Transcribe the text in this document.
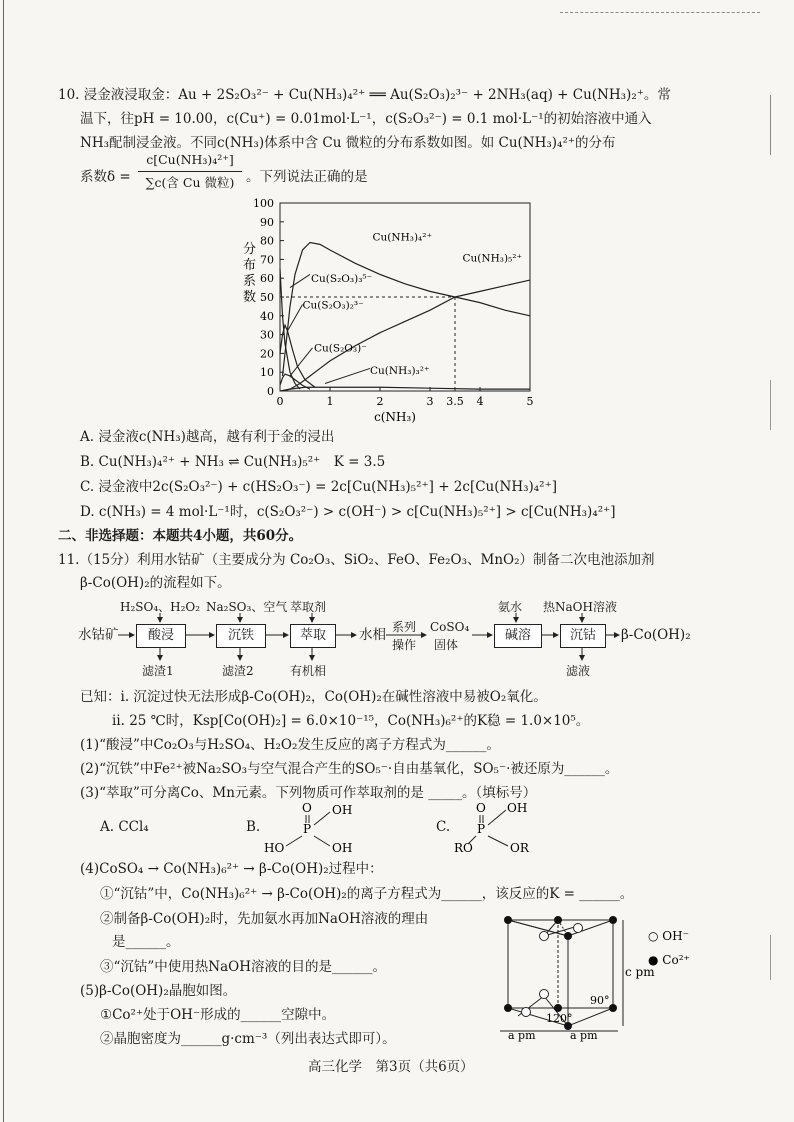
10. 浸金液浸取金：Au + 2S₂O₃²⁻ + Cu(NH₃)₄²⁺ ══ Au(S₂O₃)₂³⁻ + 2NH₃(aq) + Cu(NH₃)₂⁺。常
温下，往pH = 10.00，c(Cu⁺) = 0.01mol·L⁻¹，c(S₂O₃²⁻) = 0.1 mol·L⁻¹的初始溶液中通入
NH₃配制浸金液。不同c(NH₃)体系中含 Cu 微粒的分布系数如图。如 Cu(NH₃)₄²⁺的分布
系数δ =
c[Cu(NH₃)₄²⁺]
∑c(含 Cu 微粒) 。下列说法正确的是
0
10
20
30
40
50
60
70
80
90
100
0	1	2	3 3.5 4	5
分
布
系
数
c(NH₃)
Cu(NH₃)₄²⁺
Cu(NH₃)₅²⁺
Cu(S₂O₃)₃⁵⁻
Cu(S₂O₃)₂³⁻
Cu(S₂O₃)⁻
Cu(NH₃)₃²⁺
A. 浸金液c(NH₃)越高，越有利于金的浸出
B. Cu(NH₃)₄²⁺ + NH₃ ⇌ Cu(NH₃)₅²⁺　K = 3.5
C. 浸金液中2c(S₂O₃²⁻) + c(HS₂O₃⁻) = 2c[Cu(NH₃)₅²⁺] + 2c[Cu(NH₃)₄²⁺]
D. c(NH₃) = 4 mol·L⁻¹时，c(S₂O₃²⁻) > c(OH⁻) > c[Cu(NH₃)₅²⁺] > c[Cu(NH₃)₄²⁺]
二、非选择题：本题共4小题，共60分。
11.（15分）利用水钴矿（主要成分为 Co₂O₃、SiO₂、FeO、Fe₂O₃、MnO₂）制备二次电池添加剂
β-Co(OH)₂的流程如下。
H₂SO₄、H₂O₂ Na₂SO₃、空气 萃取剂	氨水 热NaOH溶液
水钴矿	酸浸	沉铁	萃取	水相 系列
操作
CoSO₄
固体
碱溶	沉钴	β-Co(OH)₂
滤渣1	滤渣2	有机相	滤液
已知：ⅰ. 沉淀过快无法形成β-Co(OH)₂，Co(OH)₂在碱性溶液中易被O₂氧化。
ⅱ. 25 ℃时，Ksp[Co(OH)₂] = 6.0×10⁻¹⁵，Co(NH₃)₆²⁺的K稳 = 1.0×10⁵。
(1)“酸浸”中Co₂O₃与H₂SO₄、H₂O₂发生反应的离子方程式为______。
(2)“沉铁”中Fe²⁺被Na₂SO₃与空气混合产生的SO₅⁻·自由基氧化，SO₅⁻·被还原为______。
(3)“萃取”可分离Co、Mn元素。下列物质可作萃取剂的是 _____。（填标号）
A. CCl₄	B.	C.
O OH
P
HO	OH
O OH
P
RO	OR
(4)CoSO₄ → Co(NH₃)₆²⁺ → β-Co(OH)₂过程中：
①“沉钴”中，Co(NH₃)₆²⁺ → β-Co(OH)₂的离子方程式为______，该反应的K = ______。
②制备β-Co(OH)₂时，先加氨水再加NaOH溶液的理由
是______。
③“沉钴”中使用热NaOH溶液的目的是______。
(5)β-Co(OH)₂晶胞如图。
①Co²⁺处于OH⁻形成的______空隙中。
②晶胞密度为______g·cm⁻³（列出表达式即可）。
○ OH⁻
● Co²⁺
c pm
90°
120°
a pm	a pm
高三化学　第3页（共6页）
